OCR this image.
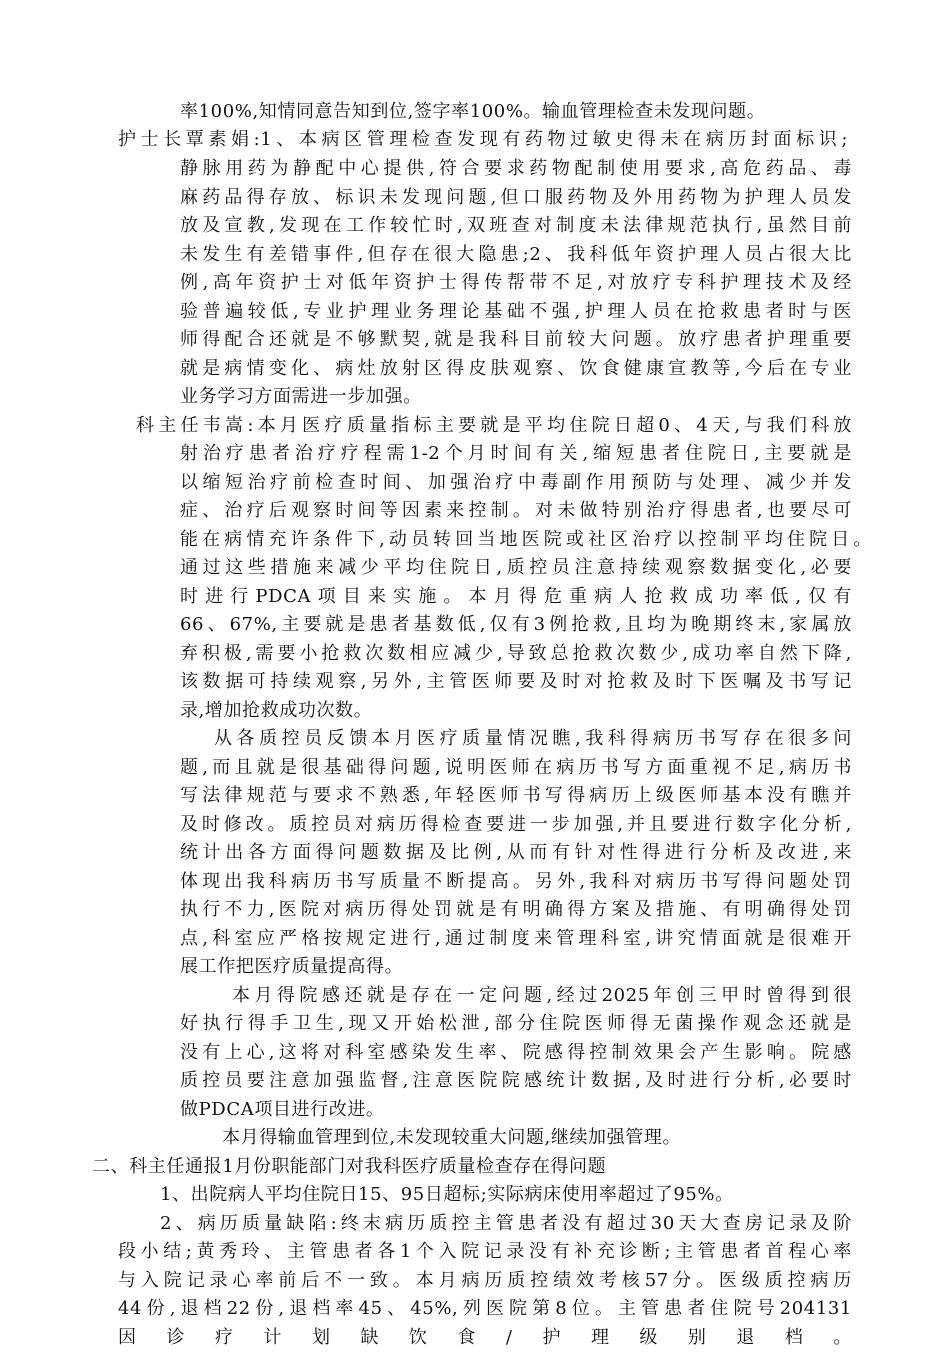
率100%,知情同意告知到位,签字率100%。输血管理检查未发现问题。
护士长覃素娟:1、本病区管理检查发现有药物过敏史得未在病历封面标识;
静脉用药为静配中心提供,符合要求药物配制使用要求,高危药品、毒
麻药品得存放、标识未发现问题,但口服药物及外用药物为护理人员发
放及宣教,发现在工作较忙时,双班查对制度未法律规范执行,虽然目前
未发生有差错事件,但存在很大隐患;2、我科低年资护理人员占很大比
例,高年资护士对低年资护士得传帮带不足,对放疗专科护理技术及经
验普遍较低,专业护理业务理论基础不强,护理人员在抢救患者时与医
师得配合还就是不够默契,就是我科目前较大问题。放疗患者护理重要
就是病情变化、病灶放射区得皮肤观察、饮食健康宣教等,今后在专业
业务学习方面需进一步加强。
科主任韦嵩:本月医疗质量指标主要就是平均住院日超0、4天,与我们科放
射治疗患者治疗疗程需1-2个月时间有关,缩短患者住院日,主要就是
以缩短治疗前检查时间、加强治疗中毒副作用预防与处理、减少并发
症、治疗后观察时间等因素来控制。对未做特别治疗得患者,也要尽可
能在病情充许条件下,动员转回当地医院或社区治疗以控制平均住院日。
通过这些措施来减少平均住院日,质控员注意持续观察数据变化,必要
时进行PDCA项目来实施。本月得危重病人抢救成功率低,仅有
66、67%,主要就是患者基数低,仅有3例抢救,且均为晚期终末,家属放
弃积极,需要小抢救次数相应减少,导致总抢救次数少,成功率自然下降,
该数据可持续观察,另外,主管医师要及时对抢救及时下医嘱及书写记
录,增加抢救成功次数。
从各质控员反馈本月医疗质量情况瞧,我科得病历书写存在很多问
题,而且就是很基础得问题,说明医师在病历书写方面重视不足,病历书
写法律规范与要求不熟悉,年轻医师书写得病历上级医师基本没有瞧并
及时修改。质控员对病历得检查要进一步加强,并且要进行数字化分析,
统计出各方面得问题数据及比例,从而有针对性得进行分析及改进,来
体现出我科病历书写质量不断提高。另外,我科对病历书写得问题处罚
执行不力,医院对病历得处罚就是有明确得方案及措施、有明确得处罚
点,科室应严格按规定进行,通过制度来管理科室,讲究情面就是很难开
展工作把医疗质量提高得。
本月得院感还就是存在一定问题,经过2025年创三甲时曾得到很
好执行得手卫生,现又开始松泄,部分住院医师得无菌操作观念还就是
没有上心,这将对科室感染发生率、院感得控制效果会产生影响。院感
质控员要注意加强监督,注意医院院感统计数据,及时进行分析,必要时
做PDCA项目进行改进。
本月得输血管理到位,未发现较重大问题,继续加强管理。
二、科主任通报1月份职能部门对我科医疗质量检查存在得问题
1、出院病人平均住院日15、95日超标;实际病床使用率超过了95%。
2、病历质量缺陷:终末病历质控主管患者没有超过30天大查房记录及阶
段小结;黄秀玲、主管患者各1个入院记录没有补充诊断;主管患者首程心率
与入院记录心率前后不一致。本月病历质控绩效考核57分。医级质控病历
44份,退档22份,退档率45、45%,列医院第8位。主管患者住院号204131
因诊疗计划缺饮食/护理级别退档。
